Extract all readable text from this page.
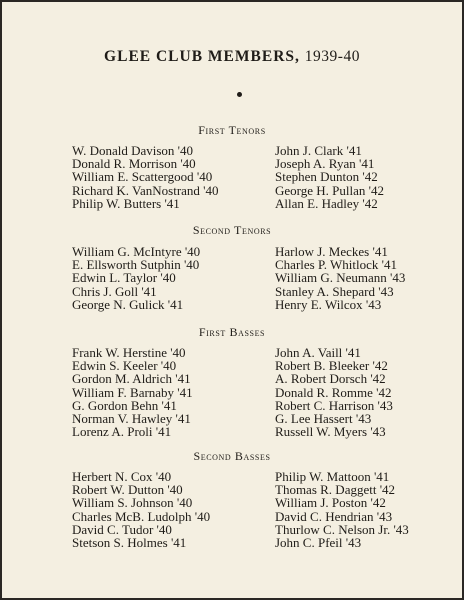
GLEE CLUB MEMBERS, 1939-40
First Tenors
W. Donald Davison '40
Donald R. Morrison '40
William E. Scattergood '40
Richard K. VanNostrand '40
Philip W. Butters '41
John J. Clark '41
Joseph A. Ryan '41
Stephen Dunton '42
George H. Pullan '42
Allan E. Hadley '42
Second Tenors
William G. McIntyre '40
E. Ellsworth Sutphin '40
Edwin L. Taylor '40
Chris J. Goll '41
George N. Gulick '41
Harlow J. Meckes '41
Charles P. Whitlock '41
William G. Neumann '43
Stanley A. Shepard '43
Henry E. Wilcox '43
First Basses
Frank W. Herstine '40
Edwin S. Keeler '40
Gordon M. Aldrich '41
William F. Barnaby '41
G. Gordon Behn '41
Norman V. Hawley '41
Lorenz A. Proli '41
John A. Vaill '41
Robert B. Bleeker '42
A. Robert Dorsch '42
Donald R. Romme '42
Robert C. Harrison '43
G. Lee Hassert '43
Russell W. Myers '43
Second Basses
Herbert N. Cox '40
Robert W. Dutton '40
William S. Johnson '40
Charles McB. Ludolph '40
David C. Tudor '40
Stetson S. Holmes '41
Philip W. Mattoon '41
Thomas R. Daggett '42
William J. Poston '42
David C. Hendrian '43
Thurlow C. Nelson Jr. '43
John C. Pfeil '43
